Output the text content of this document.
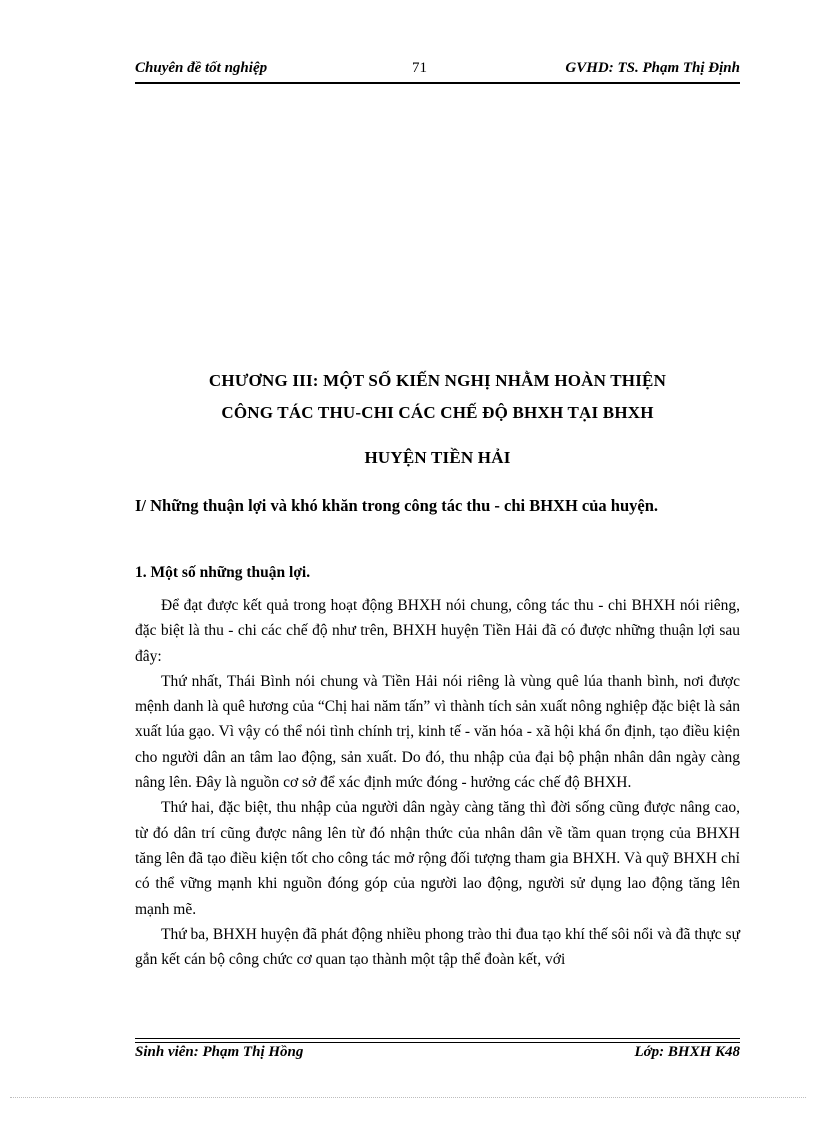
Chuyên đề tốt nghiệp	71	GVHD: TS. Phạm Thị Định
CHƯƠNG III: MỘT SỐ KIẾN NGHỊ NHẰM HOÀN THIỆN
CÔNG TÁC THU-CHI CÁC CHẾ ĐỘ BHXH TẠI BHXH
HUYỆN TIỀN HẢI
I/ Những thuận lợi và khó khăn trong công tác thu - chi BHXH của huyện.
1. Một số những thuận lợi.

Để đạt được kết quả trong hoạt động BHXH nói chung, công tác thu - chi BHXH nói riêng, đặc biệt là thu - chi các chế độ như trên, BHXH huyện Tiền Hải đã có được những thuận lợi sau đây:

Thứ nhất, Thái Bình nói chung và Tiền Hải nói riêng là vùng quê lúa thanh bình, nơi được mệnh danh là quê hương của “Chị hai năm tấn” vì thành tích sản xuất nông nghiệp đặc biệt là sản xuất lúa gạo. Vì vậy có thể nói tình chính trị, kinh tế - văn hóa - xã hội khá ổn định, tạo điều kiện cho người dân an tâm lao động, sản xuất. Do đó, thu nhập của đại bộ phận nhân dân ngày càng nâng lên. Đây là nguồn cơ sở để xác định mức đóng - hưởng các chế độ BHXH.

Thứ hai, đặc biệt, thu nhập của người dân ngày càng tăng thì đời sống cũng được nâng cao, từ đó dân trí cũng được nâng lên từ đó nhận thức của nhân dân về tầm quan trọng của BHXH tăng lên đã tạo điều kiện tốt cho công tác mở rộng đối tượng tham gia BHXH. Và quỹ BHXH chỉ có thể vững mạnh khi nguồn đóng góp của người lao động, người sử dụng lao động tăng lên mạnh mẽ.

Thứ ba, BHXH huyện đã phát động nhiều phong trào thi đua tạo khí thế sôi nổi và đã thực sự gắn kết cán bộ công chức cơ quan tạo thành một tập thể đoàn kết, với

Sinh viên: Phạm Thị Hồng	Lớp: BHXH K48
